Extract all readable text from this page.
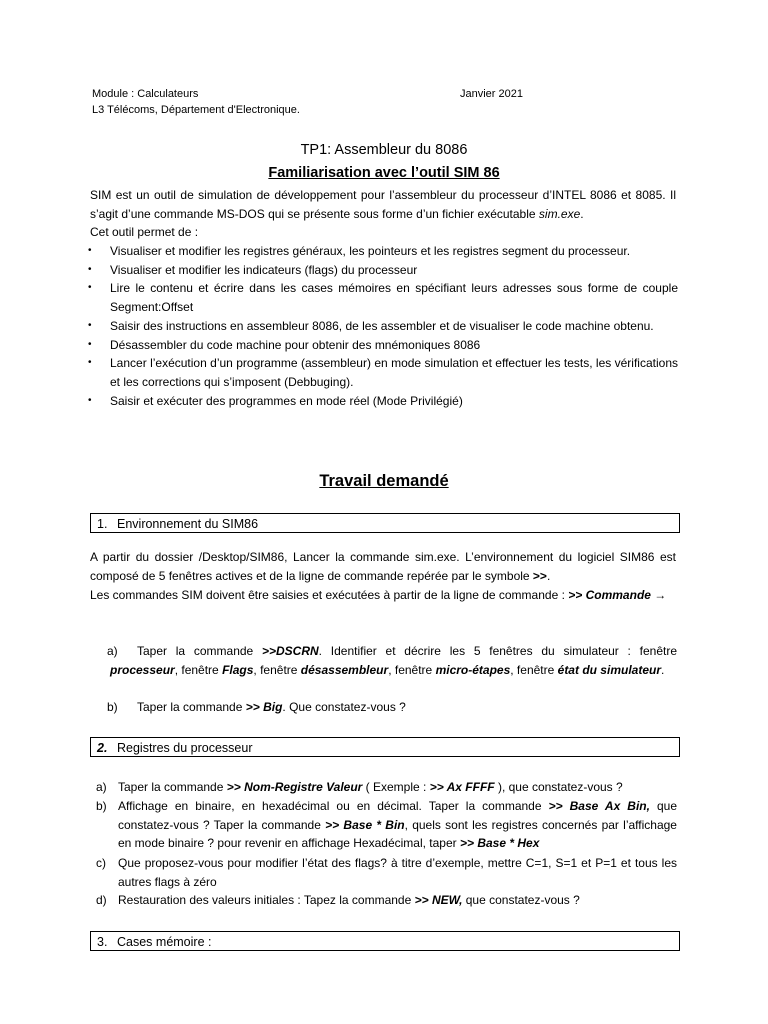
Module : Calculateurs	Janvier 2021
L3 Télécoms, Département d'Electronique.
TP1: Assembleur du 8086
Familiarisation avec l’outil SIM 86
SIM est un outil de simulation de développement pour l’assembleur du processeur d’INTEL 8086 et 8085. Il s’agit d’une commande MS-DOS qui se présente sous forme d’un fichier exécutable sim.exe.
Cet outil permet de :
• Visualiser et modifier les registres généraux, les pointeurs et les registres segment du processeur.
• Visualiser et modifier les indicateurs (flags) du processeur
• Lire le contenu et écrire dans les cases mémoires en spécifiant leurs adresses sous forme de couple Segment:Offset
• Saisir des instructions en assembleur 8086, de les assembler et de visualiser le code machine obtenu.
• Désassembler du code machine pour obtenir des mnémoniques 8086
• Lancer l’exécution d’un programme (assembleur) en mode simulation et effectuer les tests, les vérifications et les corrections qui s’imposent (Debbuging).
• Saisir et exécuter des programmes en mode réel (Mode Privilégié)
Travail demandé
1. Environnement du SIM86
A partir du dossier /Desktop/SIM86, Lancer la commande sim.exe. L’environnement du logiciel SIM86 est composé de 5 fenêtres actives et de la ligne de commande repérée par le symbole >>.
Les commandes SIM doivent être saisies et exécutées à partir de la ligne de commande : >> Commande →
a)	Taper la commande >>DSCRN. Identifier et décrire les 5 fenêtres du simulateur : fenêtre processeur, fenêtre Flags, fenêtre désassembleur, fenêtre micro-étapes, fenêtre état du simulateur.
b) Taper la commande >> Big. Que constatez-vous ?
2. Registres du processeur
a) Taper la commande >> Nom-Registre Valeur ( Exemple : >> Ax FFFF ), que constatez-vous ?
b) Affichage en binaire, en hexadécimal ou en décimal. Taper la commande >> Base Ax Bin, que constatez-vous ? Taper la commande >> Base * Bin, quels sont les registres concernés par l’affichage en mode binaire ? pour revenir en affichage Hexadécimal, taper >> Base * Hex
c) Que proposez-vous pour modifier l’état des flags? à titre d’exemple, mettre C=1, S=1 et P=1 et tous les autres flags à zéro
d) Restauration des valeurs initiales : Tapez la commande >> NEW, que constatez-vous ?
3. Cases mémoire :
